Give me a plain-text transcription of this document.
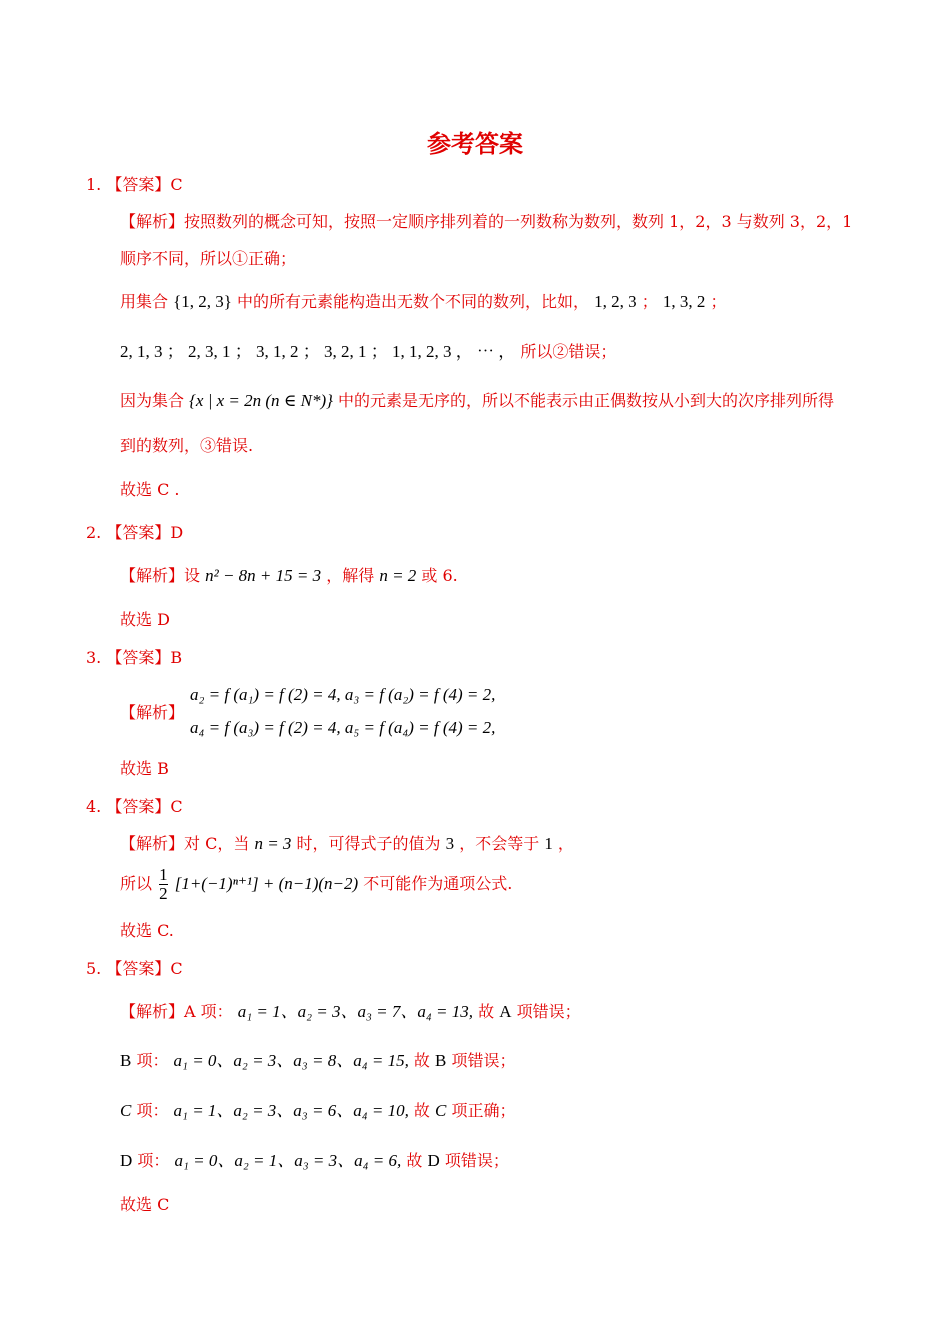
参考答案
1. 【答案】C
【解析】按照数列的概念可知，按照一定顺序排列着的一列数称为数列，数列 1，2，3 与数列 3，2，1
顺序不同，所以①正确；
用集合 {1, 2, 3} 中的所有元素能构造出无数个不同的数列，比如， 1, 2, 3 ； 1, 3, 2 ；
2, 1, 3 ； 2, 3, 1 ； 3, 1, 2 ； 3, 2, 1 ； 1, 1, 2, 3 ， ⋯ ， 所以②错误；
因为集合 {x | x = 2n (n ∈ N*)} 中的元素是无序的，所以不能表示由正偶数按从小到大的次序排列所得
到的数列，③错误.
故选 C .
2. 【答案】D
【解析】设 n² − 8n + 15 = 3 ，解得 n = 2 或 6.
故选 D
3. 【答案】B
【解析】
a₂ = f (a₁) = f (2) = 4, a₃ = f (a₂) = f (4) = 2,
a₄ = f (a₃) = f (2) = 4, a₅ = f (a₄) = f (4) = 2,
故选 B
4. 【答案】C
【解析】对 C，当 n = 3 时，可得式子的值为 3 ，不会等于 1 ，
所以 $\frac{1}{2} [1+(-1)^{n+1}] + (n-1)(n-2)$ 不可能作为通项公式.
故选 C.
5. 【答案】C
【解析】A 项： a₁ = 1、a₂ = 3、a₃ = 7、a₄ = 13, 故 A 项错误；
B 项： a₁ = 0、a₂ = 3、a₃ = 8、a₄ = 15, 故 B 项错误；
C 项： a₁ = 1、a₂ = 3、a₃ = 6、a₄ = 10, 故 C 项正确；
D 项： a₁ = 0、a₂ = 1、a₃ = 3、a₄ = 6, 故 D 项错误；
故选 C
